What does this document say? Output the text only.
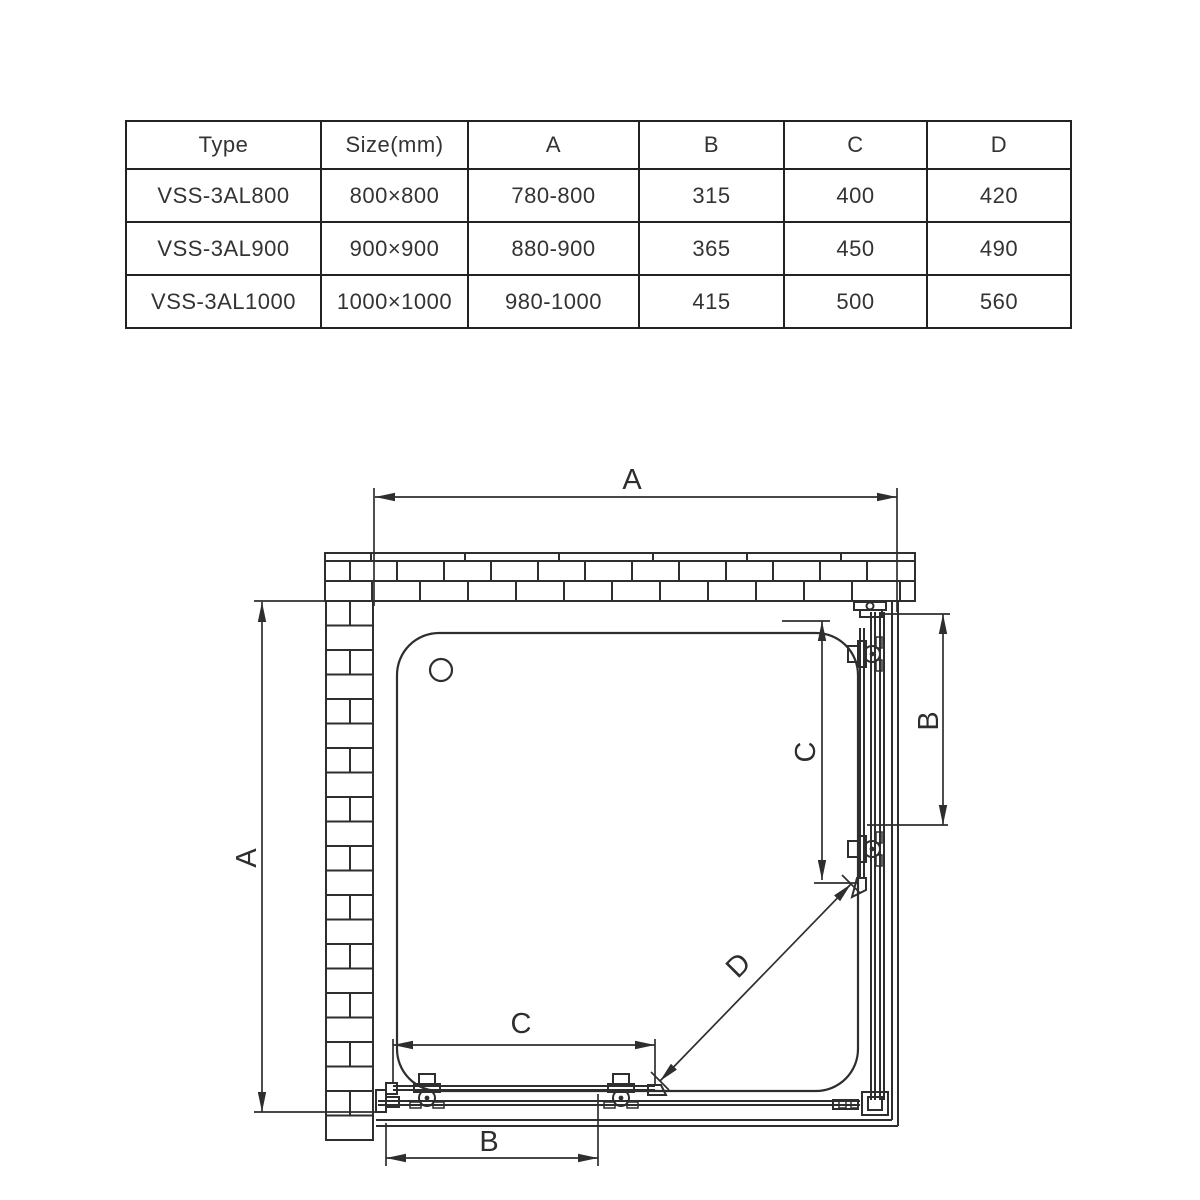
Type	Size(mm)	A	B	C	D
VSS-3AL800	800×800	780-800	315	400	420
VSS-3AL900	900×900	880-900	365	450	490
VSS-3AL1000	1000×1000	980-1000	415	500	560
A
A
B
C
D
C
B
